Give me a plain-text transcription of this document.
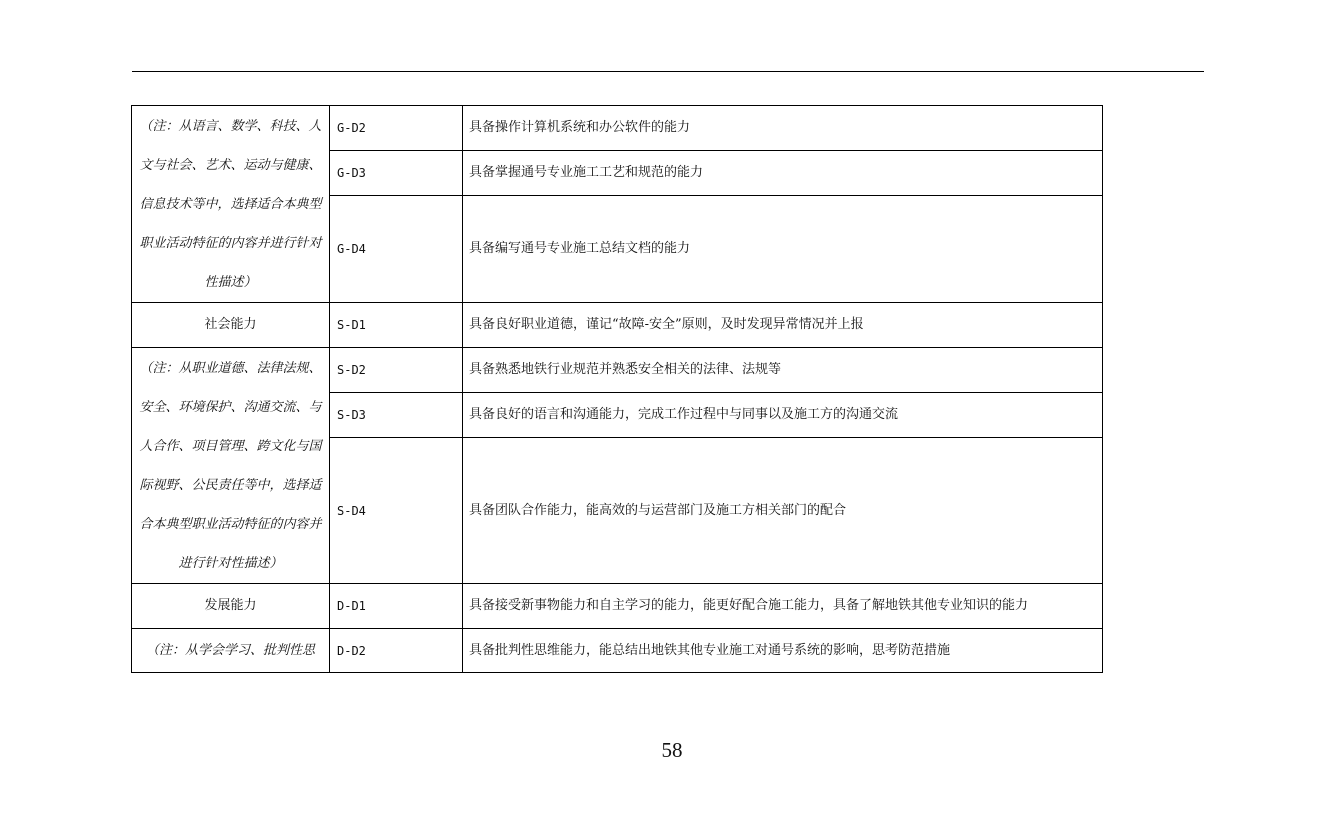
（注：从语言、数学、科技、人文与社会、艺术、运动与健康、信息技术等中，选择适合本典型职业活动特征的内容并进行针对性描述）	G-D2	具备操作计算机系统和办公软件的能力
	G-D3	具备掌握通号专业施工工艺和规范的能力
	G-D4	具备编写通号专业施工总结文档的能力
社会能力	S-D1	具备良好职业道德，谨记“故障-安全”原则，及时发现异常情况并上报

（注：从职业道德、法律法规、安全、环境保护、沟通交流、与人合作、项目管理、跨文化与国际视野、公民责任等中，选择适合本典型职业活动特征的内容并进行针对性描述）	S-D2	具备熟悉地铁行业规范并熟悉安全相关的法律、法规等
	S-D3	具备良好的语言和沟通能力，完成工作过程中与同事以及施工方的沟通交流
	S-D4	具备团队合作能力，能高效的与运营部门及施工方相关部门的配合
发展能力	D-D1	具备接受新事物能力和自主学习的能力，能更好配合施工能力，具备了解地铁其他专业知识的能力

（注：从学会学习、批判性思	D-D2	具备批判性思维能力，能总结出地铁其他专业施工对通号系统的影响，思考防范措施
58
